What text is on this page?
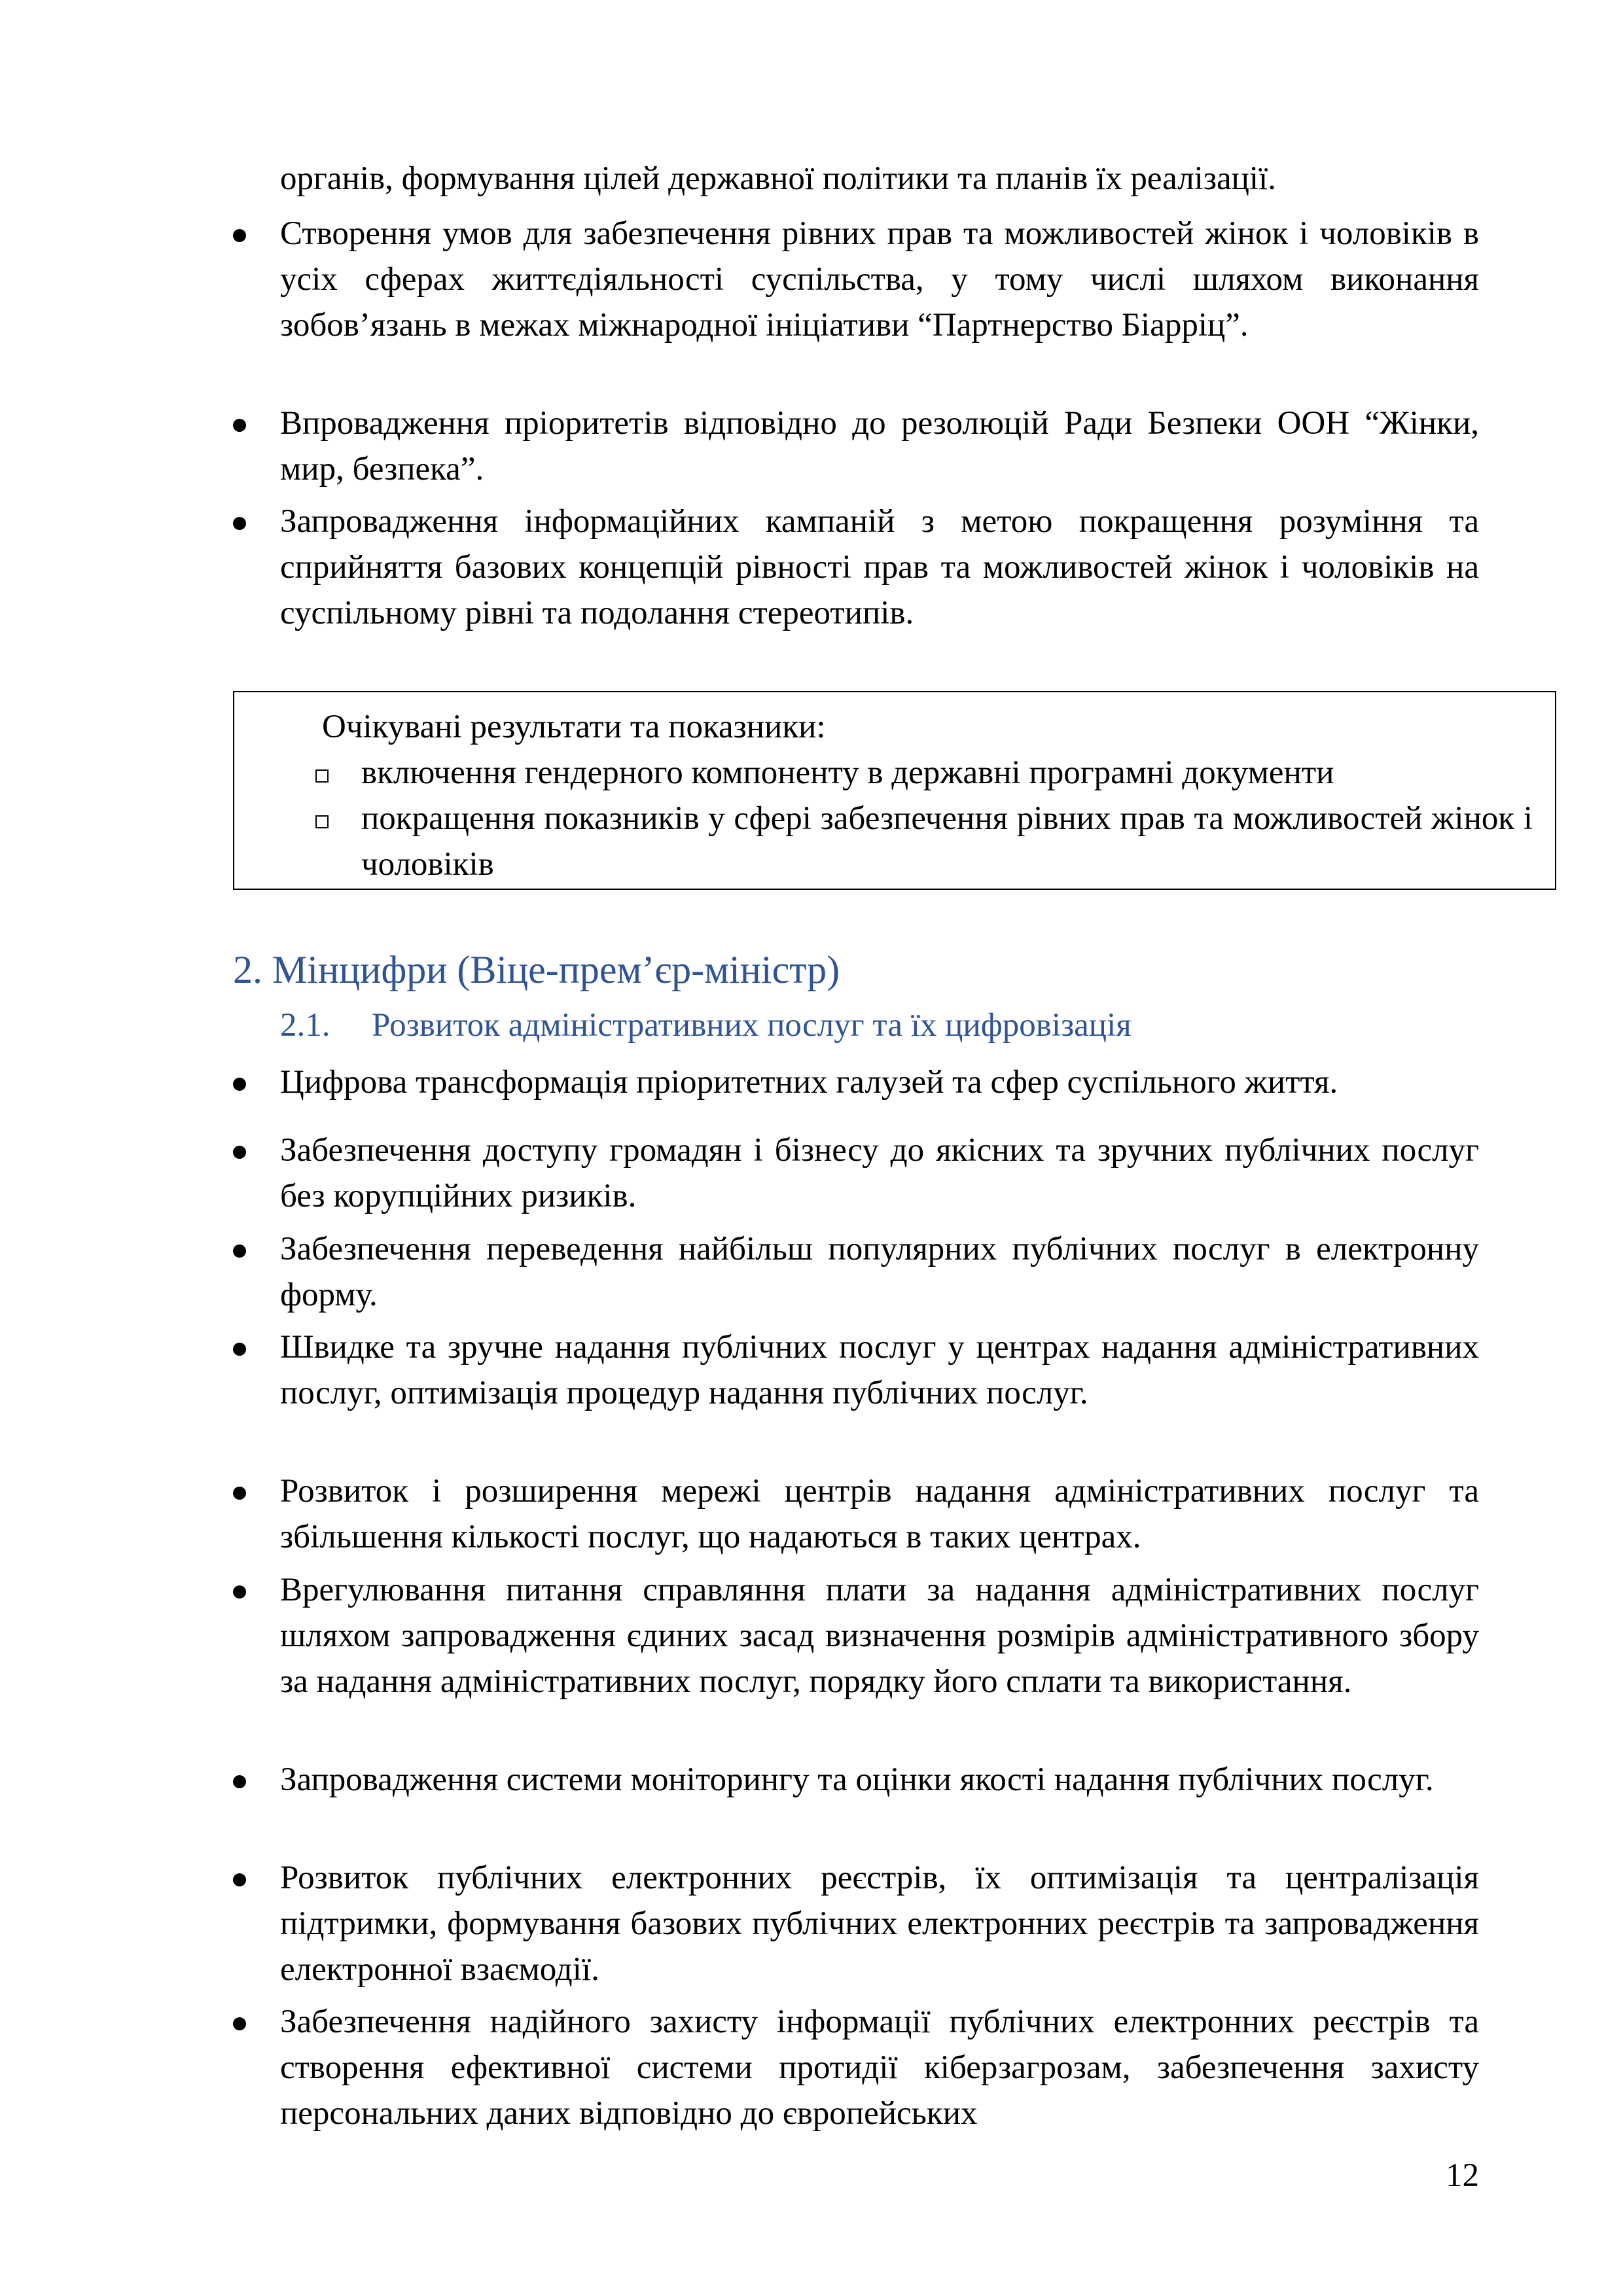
органів, формування цілей державної політики та планів їх реалізації.
Створення умов для забезпечення рівних прав та можливостей жінок і чоловіків в усіх сферах життєдіяльності суспільства, у тому числі шляхом виконання зобов’язань в межах міжнародної ініціативи “Партнерство Біарріц”.
Впровадження пріоритетів відповідно до резолюцій Ради Безпеки ООН “Жінки, мир, безпека”.
Запровадження інформаційних кампаній з метою покращення розуміння та сприйняття базових концепцій рівності прав та можливостей жінок і чоловіків на суспільному рівні та подолання стереотипів.
Очікувані результати та показники:
включення гендерного компоненту в державні програмні документи
покращення показників у сфері забезпечення рівних прав та можливостей жінок і чоловіків
2. Мінцифри (Віце-прем’єр-міністр)
2.1. Розвиток адміністративних послуг та їх цифровізація
Цифрова трансформація пріоритетних галузей та сфер суспільного життя.
Забезпечення доступу громадян і бізнесу до якісних та зручних публічних послуг без корупційних ризиків.
Забезпечення переведення найбільш популярних публічних послуг в електронну форму.
Швидке та зручне надання публічних послуг у центрах надання адміністративних послуг, оптимізація процедур надання публічних послуг.
Розвиток і розширення мережі центрів надання адміністративних послуг та збільшення кількості послуг, що надаються в таких центрах.
Врегулювання питання справляння плати за надання адміністративних послуг шляхом запровадження єдиних засад визначення розмірів адміністративного збору за надання адміністративних послуг, порядку його сплати та використання.
Запровадження системи моніторингу та оцінки якості надання публічних послуг.
Розвиток публічних електронних реєстрів, їх оптимізація та централізація підтримки, формування базових публічних електронних реєстрів та запровадження електронної взаємодії.
Забезпечення надійного захисту інформації публічних електронних реєстрів та створення ефективної системи протидії кіберзагрозам, забезпечення захисту персональних даних відповідно до європейських
12
